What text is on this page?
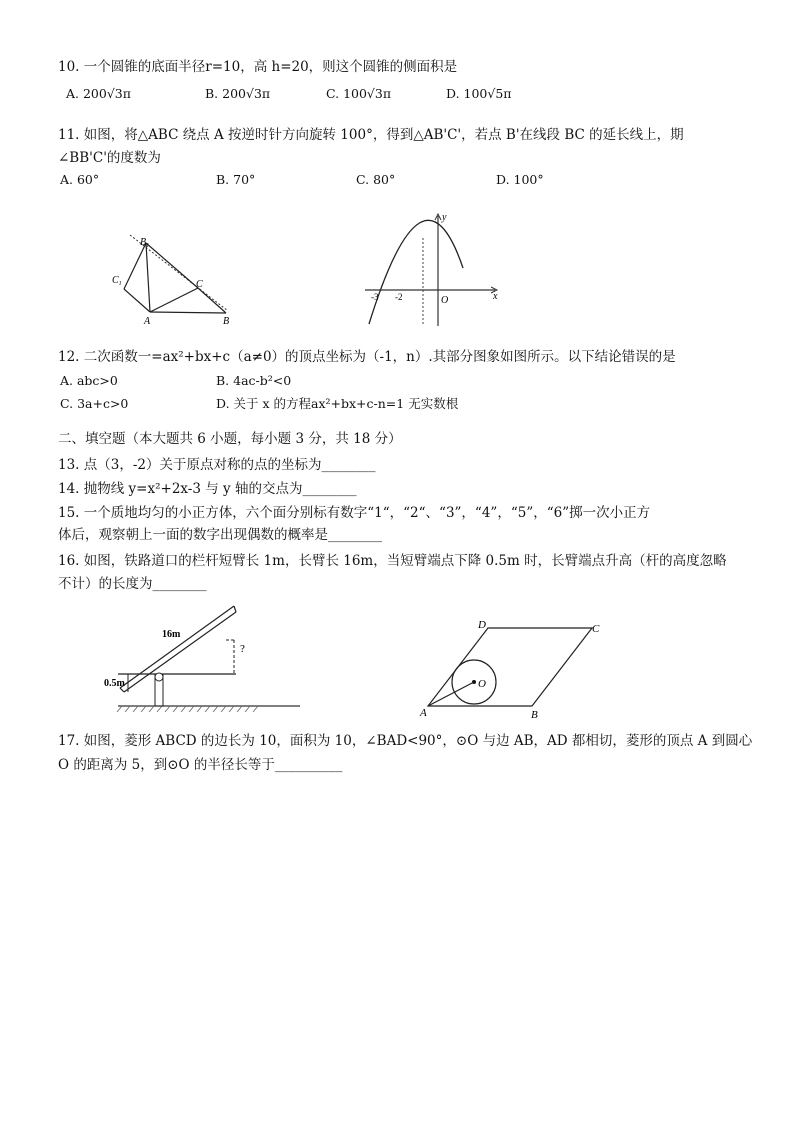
10. 一个圆锥的底面半径r=10，高 h=20，则这个圆锥的侧面积是
A. 200√3π	B. 200√3π	C. 100√3π	D. 100√5π
11. 如图，将△ABC 绕点 A 按逆时针方向旋转 100°，得到△AB'C'，若点 B'在线段 BC 的延长线上，期
∠BB'C'的度数为
A. 60°	B. 70°	C. 80°	D. 100°
$B_1$
$C_1$	C
A	B
y
x
-3 -2	O
12. 二次函数一=ax²+bx+c（a≠0）的顶点坐标为（-1，n）.其部分图象如图所示。以下结论错误的是
A. abc>0	B. 4ac-b²<0
C. 3a+c>0	D. 关于 x 的方程ax²+bx+c-n=1 无实数根
二、填空题（本大题共 6 小题，每小题 3 分，共 18 分）
13. 点（3，-2）关于原点对称的点的坐标为________
14. 抛物线 y=x²+2x-3 与 y 轴的交点为________
15. 一个质地均匀的小正方体，六个面分别标有数字“1“，“2“、“3”，“4”，“5”，“6”掷一次小正方
体后，观察朝上一面的数字出现偶数的概率是________
16. 如图，铁路道口的栏杆短臂长 1m，长臂长 16m，当短臂端点下降 0.5m 时，长臂端点升高（杆的高度忽略
不计）的长度为________
16m
0.5m
?
A	B
C
D
O
17. 如图，菱形 ABCD 的边长为 10，面积为 10，∠BAD<90°，⊙O 与边 AB，AD 都相切，菱形的顶点 A 到圆心
O 的距离为 5，到⊙O 的半径长等于__________
